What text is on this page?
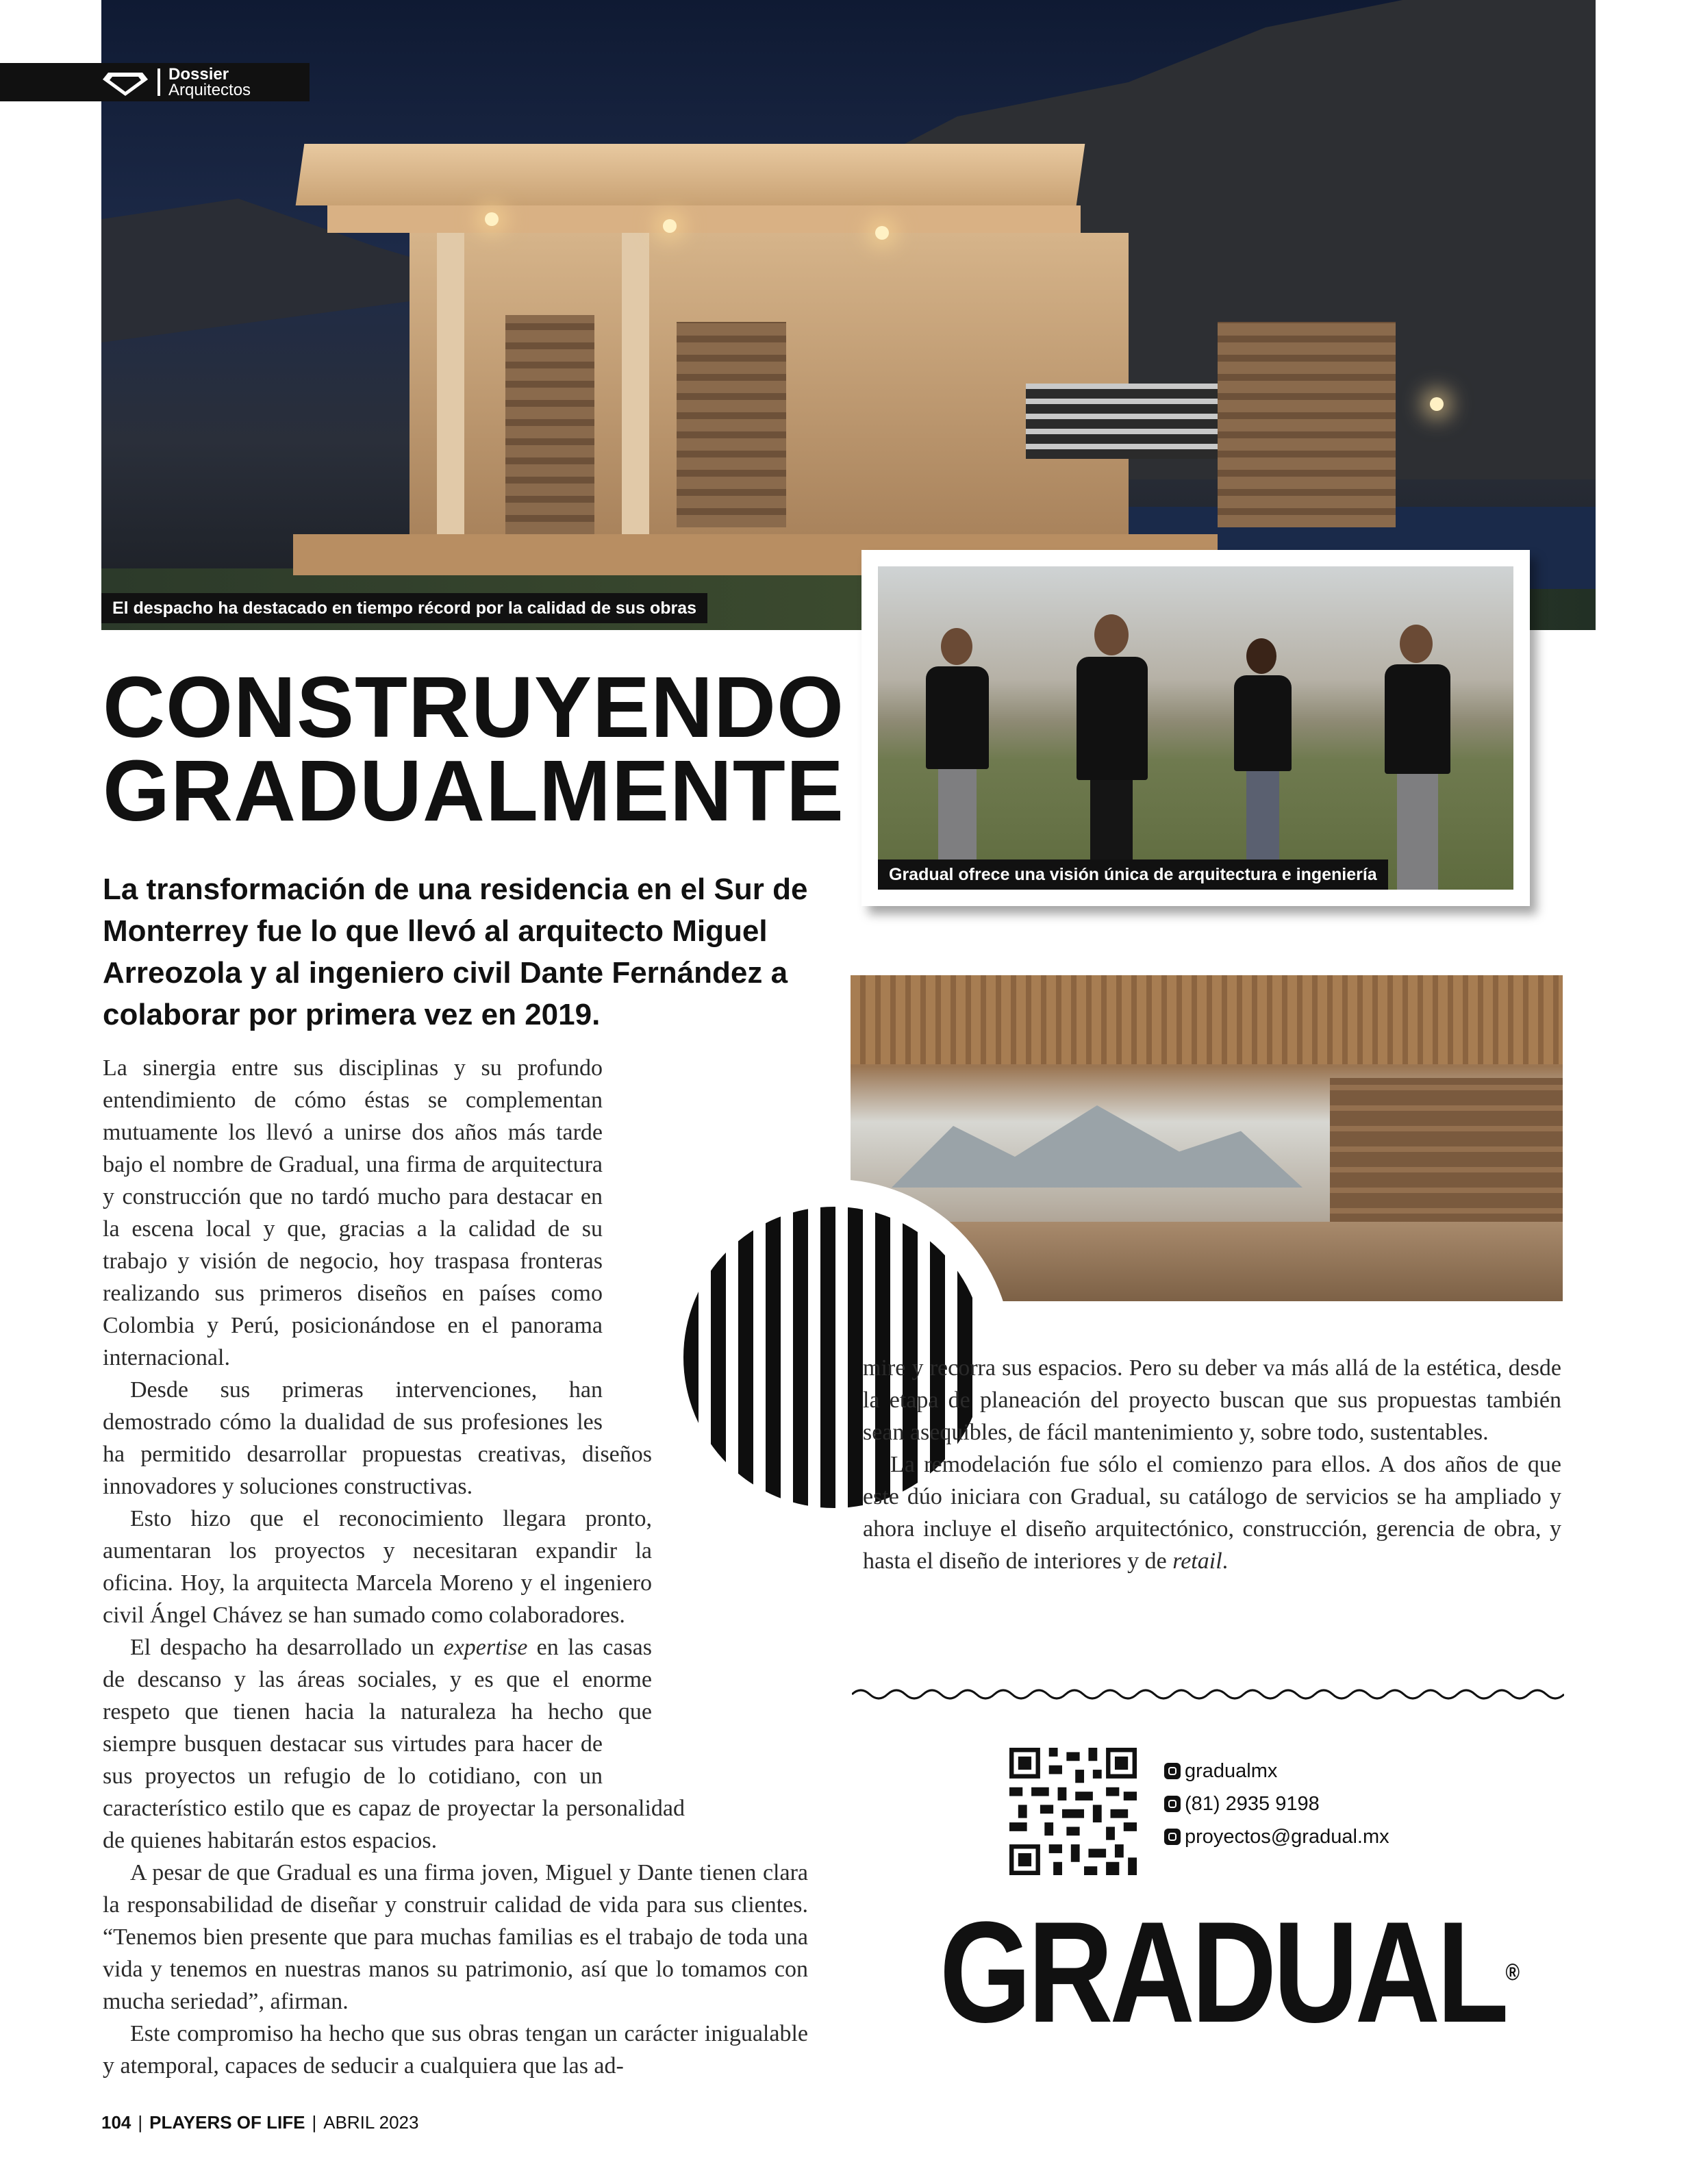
Dossier
Arquitectos
El despacho ha destacado en tiempo récord por la calidad de sus obras
CONSTRUYENDO
GRADUALMENTE

La transformación de una residencia en el Sur de Monterrey fue lo que llevó al arquitecto Miguel Arreozola y al ingeniero civil Dante Fernández a colaborar por primera vez en 2019.

Gradual ofrece una visión única de arquitectura e ingeniería

La sinergia entre sus disciplinas y su profundo entendimiento de cómo éstas se complementan mutuamente los llevó a unirse dos años más tarde bajo el nombre de Gradual, una firma de arquitectura y construcción que no tardó mucho para destacar en la escena local y que, gracias a la calidad de su trabajo y visión de negocio, hoy traspasa fronteras realizando sus primeros diseños en países como Colombia y Perú, posicionándose en el panorama internacional.

Desde sus primeras intervenciones, han demostrado cómo la dualidad de sus profesiones les ha permitido desarrollar propuestas creativas, diseños innovadores y soluciones constructivas.

Esto hizo que el reconocimiento llegara pronto, aumentaran los proyectos y necesitaran expandir la oficina. Hoy, la arquitecta Marcela Moreno y el ingeniero civil Ángel Chávez se han sumado como colaboradores.

El despacho ha desarrollado un expertise en las casas de descanso y las áreas sociales, y es que el enorme respeto que tienen hacia la naturaleza ha hecho que siempre busquen destacar sus virtudes para hacer de sus proyectos un refugio de lo cotidiano, con un característico estilo que es capaz de proyectar la personalidad de quienes habitarán estos espacios.

A pesar de que Gradual es una firma joven, Miguel y Dante tienen clara la responsabilidad de diseñar y construir calidad de vida para sus clientes. “Tenemos bien presente que para muchas familias es el trabajo de toda una vida y tenemos en nuestras manos su patrimonio, así que lo tomamos con mucha seriedad”, afirman.

Este compromiso ha hecho que sus obras tengan un carácter inigualable y atemporal, capaces de seducir a cualquiera que las ad-

mire y recorra sus espacios. Pero su deber va más allá de la estética, desde la etapa de planeación del proyecto buscan que sus propuestas también sean asequibles, de fácil mantenimiento y, sobre todo, sustentables.

La remodelación fue sólo el comienzo para ellos. A dos años de que este dúo iniciara con Gradual, su catálogo de servicios se ha ampliado y ahora incluye el diseño arquitectónico, construcción, gerencia de obra, y hasta el diseño de interiores y de retail.

gradualmx
(81) 2935 9198
proyectos@gradual.mx
GRADUAL®
104 | PLAYERS OF LIFE | ABRIL 2023
